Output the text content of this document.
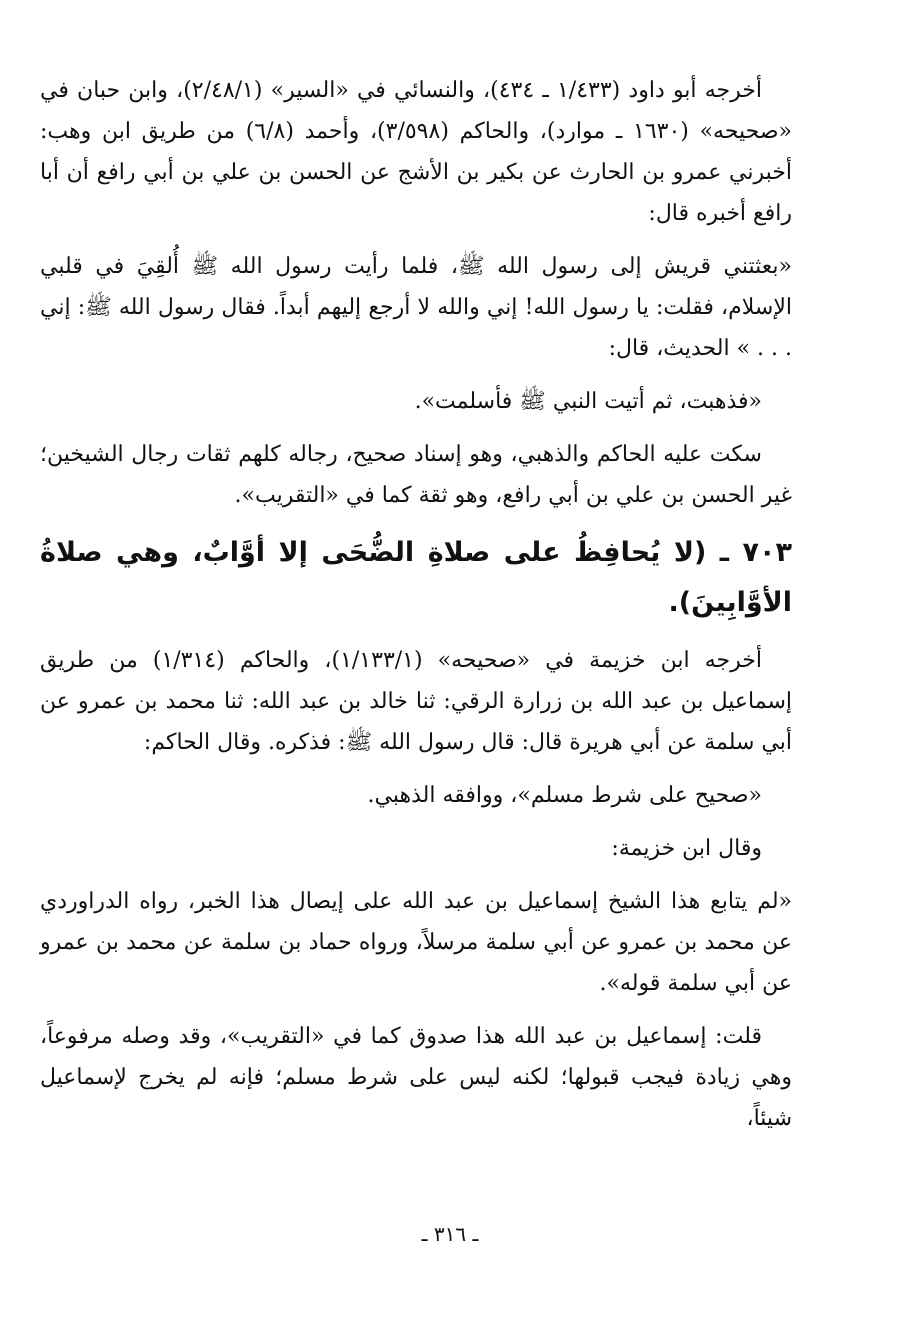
أخرجه أبو داود (١/٤٣٣ ـ ٤٣٤)، والنسائي في «السير» (٢/٤٨/١)، وابن حبان في «صحيحه» (١٦٣٠ ـ موارد)، والحاكم (٣/٥٩٨)، وأحمد (٦/٨) من طريق ابن وهب: أخبرني عمرو بن الحارث عن بكير بن الأشج عن الحسن بن علي بن أبي رافع أن أبا رافع أخبره قال:

«بعثتني قريش إلى رسول الله ﷺ، فلما رأيت رسول الله ﷺ أُلقِيَ في قلبي الإسلام، فقلت: يا رسول الله! إني والله لا أرجع إليهم أبداً. فقال رسول الله ﷺ: إني . . . » الحديث، قال:

«فذهبت، ثم أتيت النبي ﷺ فأسلمت».

سكت عليه الحاكم والذهبي، وهو إسناد صحيح، رجاله كلهم ثقات رجال الشيخين؛ غير الحسن بن علي بن أبي رافع، وهو ثقة كما في «التقريب».

٧٠٣ ـ (لا يُحافِظُ على صلاةِ الضُّحَى إلا أوَّابٌ، وهي صلاةُ الأوَّابِينَ).

أخرجه ابن خزيمة في «صحيحه» (١/١٣٣/١)، والحاكم (١/٣١٤) من طريق إسماعيل بن عبد الله بن زرارة الرقي: ثنا خالد بن عبد الله: ثنا محمد بن عمرو عن أبي سلمة عن أبي هريرة قال: قال رسول الله ﷺ: فذكره. وقال الحاكم:

«صحيح على شرط مسلم»، ووافقه الذهبي.

وقال ابن خزيمة:

«لم يتابع هذا الشيخ إسماعيل بن عبد الله على إيصال هذا الخبر، رواه الدراوردي عن محمد بن عمرو عن أبي سلمة مرسلاً، ورواه حماد بن سلمة عن محمد بن عمرو عن أبي سلمة قوله».

قلت: إسماعيل بن عبد الله هذا صدوق كما في «التقريب»، وقد وصله مرفوعاً، وهي زيادة فيجب قبولها؛ لكنه ليس على شرط مسلم؛ فإنه لم يخرج لإسماعيل شيئاً،

ـ ٣١٦ ـ
